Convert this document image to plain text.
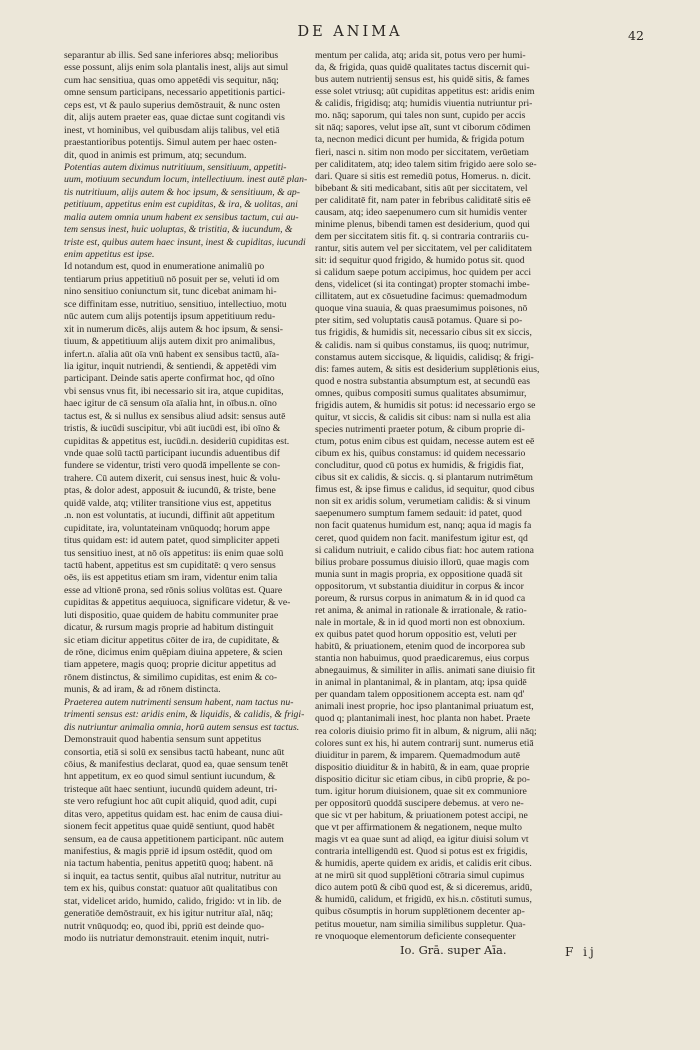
DE ANIMA	42
separantur ab illis. Sed sane inferiores absq; melioribus
esse possunt, alijs enim sola plantalis inest, alijs aut simul
cum hac sensitiua, quas omo appetēdi vis sequitur, nāq;
omne sensum participans, necessario appetitionis partici-
ceps est, vt & paulo superius demōstrauit, & nunc osten
dit, alijs autem praeter eas, quae dictae sunt cogitandi vis
inest, vt hominibus, vel quibusdam alijs talibus, vel etiā
praestantioribus potentijs. Simul autem per haec osten-
dit, quod in animis est primum, atq; secundum.
Potentias autem diximus nutritiuum, sensitiuum, appetiti-
uum, motiuum secundum locum, intellectiuum. inest autē plan-
tis nutritiuum, alijs autem & hoc ipsum, & sensitiuum, & ap-
petitiuum, appetitus enim est cupiditas, & ira, & uolitas, ani
malia autem omnia unum habent ex sensibus tactum, cui au-
tem sensus inest, huic uoluptas, & tristitia, & iucundum, &
triste est, quibus autem haec insunt, inest & cupiditas, iucundi
enim appetitus est ipse.
Id notandum est, quod in enumeratione animaliū po
tentiarum prius appetitiuū nō posuit per se, veluti id om
nino sensitiuo coniunctum sit, tunc dicebat animam hi-
sce diffinitam esse, nutritiuo, sensitiuo, intellectiuo, motu
nūc autem cum alijs potentijs ipsum appetitiuum redu-
xit in numerum dicēs, alijs autem & hoc ipsum, & sensi-
tiuum, & appetitiuum alijs autem dixit pro animalibus,
infert.n. aīalia aūt oīa vnū habent ex sensibus tactū, aīa-
lia igitur, inquit nutriendi, & sentiendi, & appetēdi vim
participant. Deinde satis aperte confirmat hoc, qd oīno
vbi sensus vnus fit, ibi necessario sit ira, atque cupiditas,
haec igitur de cā sensum oīa aīalia hnt, in oībus.n. oīno
tactus est, & si nullus ex sensibus aliud adsit: sensus autē
tristis, & iucūdi suscipitur, vbi aūt iucūdi est, ibi oīno &
cupiditas & appetitus est, iucūdi.n. desideriū cupiditas est.
vnde quae solū tactū participant iucundis aduentibus dif
fundere se videntur, tristi vero quodā impellente se con-
trahere. Cū autem dixerit, cui sensus inest, huic & volu-
ptas, & dolor adest, apposuit & iucundū, & triste, bene
quidē valde, atq; vtiliter transitione vius est, appetitus
.n. non est voluntatis, at iucundi, diffinit aūt appetitum
cupiditate, ira, voluntateinam vnūquodq; horum appe
titus quidam est: id autem patet, quod simpliciter appeti
tus sensitiuo inest, at nō oīs appetitus: iis enim quae solū
tactū habent, appetitus est sm cupiditatē: q vero sensus
oēs, iis est appetitus etiam sm iram, videntur enim talia
esse ad vltionē prona, sed rōnis solius volūtas est. Quare
cupiditas & appetitus aequiuoca, significare videtur, & ve-
luti dispositio, quae quidem de habitu communiter prae
dicatur, & rursum magis proprie ad habitum distinguit
sic etiam dicitur appetitus cōiter de ira, de cupiditate, &
de rōne, dicimus enim quēpiam diuina appetere, & scien
tiam appetere, magis quoq; proprie dicitur appetitus ad
rōnem distinctus, & similimo cupiditas, est enim & co-
munis, & ad iram, & ad rōnem distincta.
Praeterea autem nutrimenti sensum habent, nam tactus nu-
trimenti sensus est: aridis enim, & liquidis, & calidis, & frigi-
dis nutriuntur animalia omnia, horū autem sensus est tactus.
Demonstrauit quod habentia sensum sunt appetitus
consortia, etiā si solū ex sensibus tactū habeant, nunc aūt
cōius, & manifestius declarat, quod ea, quae sensum tenēt
hnt appetitum, ex eo quod simul sentiunt iucundum, &
tristeque aūt haec sentiunt, iucundū quidem adeunt, tri-
ste vero refugiunt hoc aūt cupit aliquid, quod adit, cupi
ditas vero, appetitus quidam est. hac enim de causa diui-
sionem fecit appetitus quae quidē sentiunt, quod habēt
sensum, ea de causa appetitionem participant. nūc autem
manifestius, & magis ppriē id ipsum ostēdit, quod om
nia tactum habentia, penitus appetitū quoq; habent. nā
si inquit, ea tactus sentit, quibus aīal nutritur, nutritur au
tem ex his, quibus constat: quatuor aūt qualitatibus con
stat, videlicet arido, humido, calido, frigido: vt in lib. de
generatiōe demōstrauit, ex his igitur nutritur aīal, nāq;
nutrit vnūquodq; eo, quod ibi, ppriū est deinde quo-
modo iis nutriatur demonstrauit. etenim inquit, nutri-
mentum per calida, atq; arida sit, potus vero per humi-
da, & frigida, quas quidē qualitates tactus discernit qui-
bus autem nutrientij sensus est, his quidē sitis, & fames
esse solet vtriusq; aūt cupiditas appetitus est: aridis enim
& calidis, frigidisq; atq; humidis viuentia nutriuntur pri-
mo. nāq; saporum, qui tales non sunt, cupido per accis
sit nāq; sapores, velut ipse aīt, sunt vt ciborum cōdimen
ta, necnon medici dicunt per humida, & frigida potum
fieri, nasci n. sitim non modo per siccitatem, verūetiam
per caliditatem, atq; ideo talem sitim frigido aere solo se-
dari. Quare si sitis est remediū potus, Homerus. n. dicit.
bibebant & siti medicabant, sitis aūt per siccitatem, vel
per caliditatē fit, nam pater in febribus caliditatē sitis eē
causam, atq; ideo saepenumero cum sit humidis venter
minime plenus, bibendi tamen est desiderium, quod qui
dem per siccitatem sitis fit. q. si contraria contrariis cu-
rantur, sitis autem vel per siccitatem, vel per caliditatem
sit: id sequitur quod frigido, & humido potus sit. quod
si calidum saepe potum accipimus, hoc quidem per acci
dens, videlicet (si ita contingat) propter stomachi imbe-
cillitatem, aut ex cōsuetudine facimus: quemadmodum
quoque vina suauia, & quas praesumimus poisones, nō
pter sitim, sed voluptatis causā potamus. Quare si po-
tus frigidis, & humidis sit, necessario cibus sit ex siccis,
& calidis. nam si quibus constamus, iis quoq; nutrimur,
constamus autem siccisque, & liquidis, calidisq; & frigi-
dis: fames autem, & sitis est desiderium supplētionis eius,
quod e nostra substantia absumptum est, at secundū eas
omnes, quibus compositi sumus qualitates absumimur,
frigidis autem, & humidis sit potus: id necessario ergo se
quitur, vt siccis, & calidis sit cibus: nam si nulla est alia
species nutrimenti praeter potum, & cibum proprie di-
ctum, potus enim cibus est quidam, necesse autem est eē
cibum ex his, quibus constamus: id quidem necessario
concluditur, quod cū potus ex humidis, & frigidis fiat,
cibus sit ex calidis, & siccis. q. si plantarum nutrimētum
fimus est, & ipse fimus e calidus, id sequitur, quod cibus
non sit ex aridis solum, verumetiam calidis: & si vinum
saepenumero sumptum famem sedauit: id patet, quod
non facit quatenus humidum est, nanq; aqua id magis fa
ceret, quod quidem non facit. manifestum igitur est, qd
si calidum nutriuit, e calido cibus fiat: hoc autem rationa
bilius probare possumus diuisio illorū, quae magis com
munia sunt in magis propria, ex oppositione quadā sit
oppositorum, vt substantia diuiditur in corpus & incor
poreum, & rursus corpus in animatum & in id quod ca
ret anima, & animal in rationale & irrationale, & ratio-
nale in mortale, & in id quod morti non est obnoxium.
ex quibus patet quod horum oppositio est, veluti per
habitū, & priuationem, etenim quod de incorporea sub
stantia non habuimus, quod praedicaremus, eius corpus
abnegauimus, & similiter in aīlis. animati sane diuisio fit
in animal in plantanimal, & in plantam, atq; ipsa quidē
per quandam talem oppositionem accepta est. nam qd'
animali inest proprie, hoc ipso plantanimal priuatum est,
quod q; plantanimali inest, hoc planta non habet. Praete
rea coloris diuisio primo fit in album, & nigrum, alii nāq;
colores sunt ex his, hi autem contrarij sunt. numerus etiā
diuiditur in parem, & imparem. Quemadmodum autē
dispositio diuiditur & in habitū, & in eam, quae proprie
dispositio dicitur sic etiam cibus, in cibū proprie, & po-
tum. igitur horum diuisionem, quae sit ex communiore
per oppositorū quoddā suscipere debemus. at vero ne-
que sic vt per habitum, & priuationem potest accipi, ne
que vt per affirmationem & negationem, neque multo
magis vt ea quae sunt ad aliqd, ea igitur diuisi solum vt
contraria intelligendū est. Quod si potus est ex frigidis,
& humidis, aperte quidem ex aridis, et calidis erit cibus.
at ne mirū sit quod supplētioni cōtraria simul cupimus
dico autem potū & cibū quod est, & si diceremus, aridū,
& humidū, calidum, et frigidū, ex his.n. cōstituti sumus,
quibus cōsumptis in horum supplētionem decenter ap-
petitus mouetur, nam similia similibus suppletur. Qua-
re vnoquoque elementorum deficiente consequenter
Io. Grā. super Aīa.	F ij
